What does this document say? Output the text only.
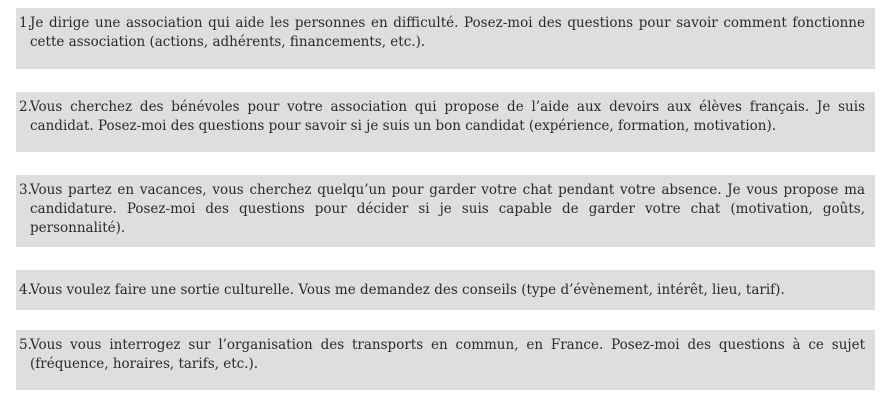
1.
Je dirige une association qui aide les personnes en difficulté. Posez-moi des questions pour savoir comment fonctionne cette association (actions, adhérents, financements, etc.).
2.
Vous cherchez des bénévoles pour votre association qui propose de l’aide aux devoirs aux élèves français. Je suis candidat. Posez-moi des questions pour savoir si je suis un bon candidat (expérience, formation, motivation).
3.
Vous partez en vacances, vous cherchez quelqu’un pour garder votre chat pendant votre absence. Je vous propose ma candidature. Posez-moi des questions pour décider si je suis capable de garder votre chat (motivation, goûts, personnalité).
4.
Vous voulez faire une sortie culturelle. Vous me demandez des conseils (type d’évènement, intérêt, lieu, tarif).
5.
Vous vous interrogez sur l’organisation des transports en commun, en France. Posez-moi des questions à ce sujet (fréquence, horaires, tarifs, etc.).
